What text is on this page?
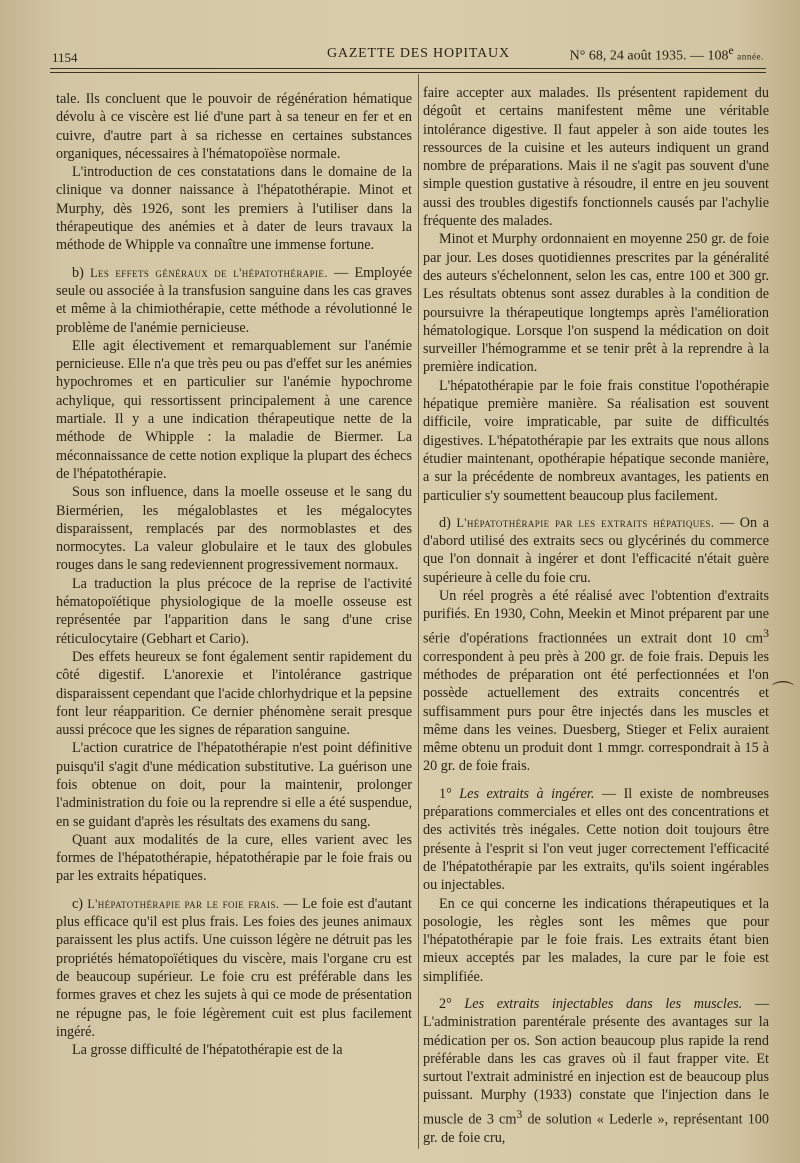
1154	GAZETTE DES HOPITAUX	N° 68, 24 août 1935. — 108e année.

tale. Ils concluent que le pouvoir de régénération hématique dévolu à ce viscère est lié d'une part à sa teneur en fer et en cuivre, d'autre part à sa richesse en certaines substances organiques, nécessaires à l'hématopoïèse normale.

L'introduction de ces constatations dans le domaine de la clinique va donner naissance à l'hépatothérapie. Minot et Murphy, dès 1926, sont les premiers à l'utiliser dans la thérapeutique des anémies et à dater de leurs travaux la méthode de Whipple va connaître une immense fortune.

b) Les effets généraux de l'hépatothérapie. — Employée seule ou associée à la transfusion sanguine dans les cas graves et même à la chimiothérapie, cette méthode a révolutionné le problème de l'anémie pernicieuse.

Elle agit électivement et remarquablement sur l'anémie pernicieuse. Elle n'a que très peu ou pas d'effet sur les anémies hypochromes et en particulier sur l'anémie hypochrome achylique, qui ressortissent principalement à une carence martiale. Il y a une indication thérapeutique nette de la méthode de Whipple : la maladie de Biermer. La méconnaissance de cette notion explique la plupart des échecs de l'hépatothérapie.

Sous son influence, dans la moelle osseuse et le sang du Biermérien, les mégaloblastes et les mégalocytes disparaissent, remplacés par des normoblastes et des normocytes. La valeur globulaire et le taux des globules rouges dans le sang redeviennent progressivement normaux.

La traduction la plus précoce de la reprise de l'activité hématopoïétique physiologique de la moelle osseuse est représentée par l'apparition dans le sang d'une crise réticulocytaire (Gebhart et Cario).

Des effets heureux se font également sentir rapidement du côté digestif. L'anorexie et l'intolérance gastrique disparaissent cependant que l'acide chlorhydrique et la pepsine font leur réapparition. Ce dernier phénomène serait presque aussi précoce que les signes de réparation sanguine.

L'action curatrice de l'hépatothérapie n'est point définitive puisqu'il s'agit d'une médication substitutive. La guérison une fois obtenue on doit, pour la maintenir, prolonger l'administration du foie ou la reprendre si elle a été suspendue, en se guidant d'après les résultats des examens du sang.

Quant aux modalités de la cure, elles varient avec les formes de l'hépatothérapie, hépatothérapie par le foie frais ou par les extraits hépatiques.

c) L'hépatothérapie par le foie frais. — Le foie est d'autant plus efficace qu'il est plus frais. Les foies des jeunes animaux paraissent les plus actifs. Une cuisson légère ne détruit pas les propriétés hématopoïétiques du viscère, mais l'organe cru est de beaucoup supérieur. Le foie cru est préférable dans les formes graves et chez les sujets à qui ce mode de présentation ne répugne pas, le foie légèrement cuit est plus facilement ingéré.

La grosse difficulté de l'hépatothérapie est de la

faire accepter aux malades. Ils présentent rapidement du dégoût et certains manifestent même une véritable intolérance digestive. Il faut appeler à son aide toutes les ressources de la cuisine et les auteurs indiquent un grand nombre de préparations. Mais il ne s'agit pas souvent d'une simple question gustative à résoudre, il entre en jeu souvent aussi des troubles digestifs fonctionnels causés par l'achylie fréquente des malades.

Minot et Murphy ordonnaient en moyenne 250 gr. de foie par jour. Les doses quotidiennes prescrites par la généralité des auteurs s'échelonnent, selon les cas, entre 100 et 300 gr. Les résultats obtenus sont assez durables à la condition de poursuivre la thérapeutique longtemps après l'amélioration hématologique. Lorsque l'on suspend la médication on doit surveiller l'hémogramme et se tenir prêt à la reprendre à la première indication.

L'hépatothérapie par le foie frais constitue l'opothérapie hépatique première manière. Sa réalisation est souvent difficile, voire impraticable, par suite de difficultés digestives. L'hépatothérapie par les extraits que nous allons étudier maintenant, opothérapie hépatique seconde manière, a sur la précédente de nombreux avantages, les patients en particulier s'y soumettent beaucoup plus facilement.

d) L'hépatothérapie par les extraits hépatiques. — On a d'abord utilisé des extraits secs ou glycérinés du commerce que l'on donnait à ingérer et dont l'efficacité n'était guère supérieure à celle du foie cru.

Un réel progrès a été réalisé avec l'obtention d'extraits purifiés. En 1930, Cohn, Meekin et Minot préparent par une série d'opérations fractionnées un extrait dont 10 $cm^3$ correspondent à peu près à 200 gr. de foie frais. Depuis les méthodes de préparation ont été perfectionnées et l'on possède actuellement des extraits concentrés et suffisamment purs pour être injectés dans les muscles et même dans les veines. Duesberg, Stieger et Felix auraient même obtenu un produit dont 1 mmgr. correspondrait à 15 à 20 gr. de foie frais.

1° Les extraits à ingérer. — Il existe de nombreuses préparations commerciales et elles ont des concentrations et des activités très inégales. Cette notion doit toujours être présente à l'esprit si l'on veut juger correctement l'efficacité de l'hépatothérapie par les extraits, qu'ils soient ingérables ou injectables.

En ce qui concerne les indications thérapeutiques et la posologie, les règles sont les mêmes que pour l'hépatothérapie par le foie frais. Les extraits étant bien mieux acceptés par les malades, la cure par le foie est simplifiée.

2° Les extraits injectables dans les muscles. — L'administration parentérale présente des avantages sur la médication per os. Son action beaucoup plus rapide la rend préférable dans les cas graves où il faut frapper vite. Et surtout l'extrait administré en injection est de beaucoup plus puissant. Murphy (1933) constate que l'injection dans le muscle de 3 $cm^3$ de solution « Lederle », représentant 100 gr. de foie cru,

⌒
